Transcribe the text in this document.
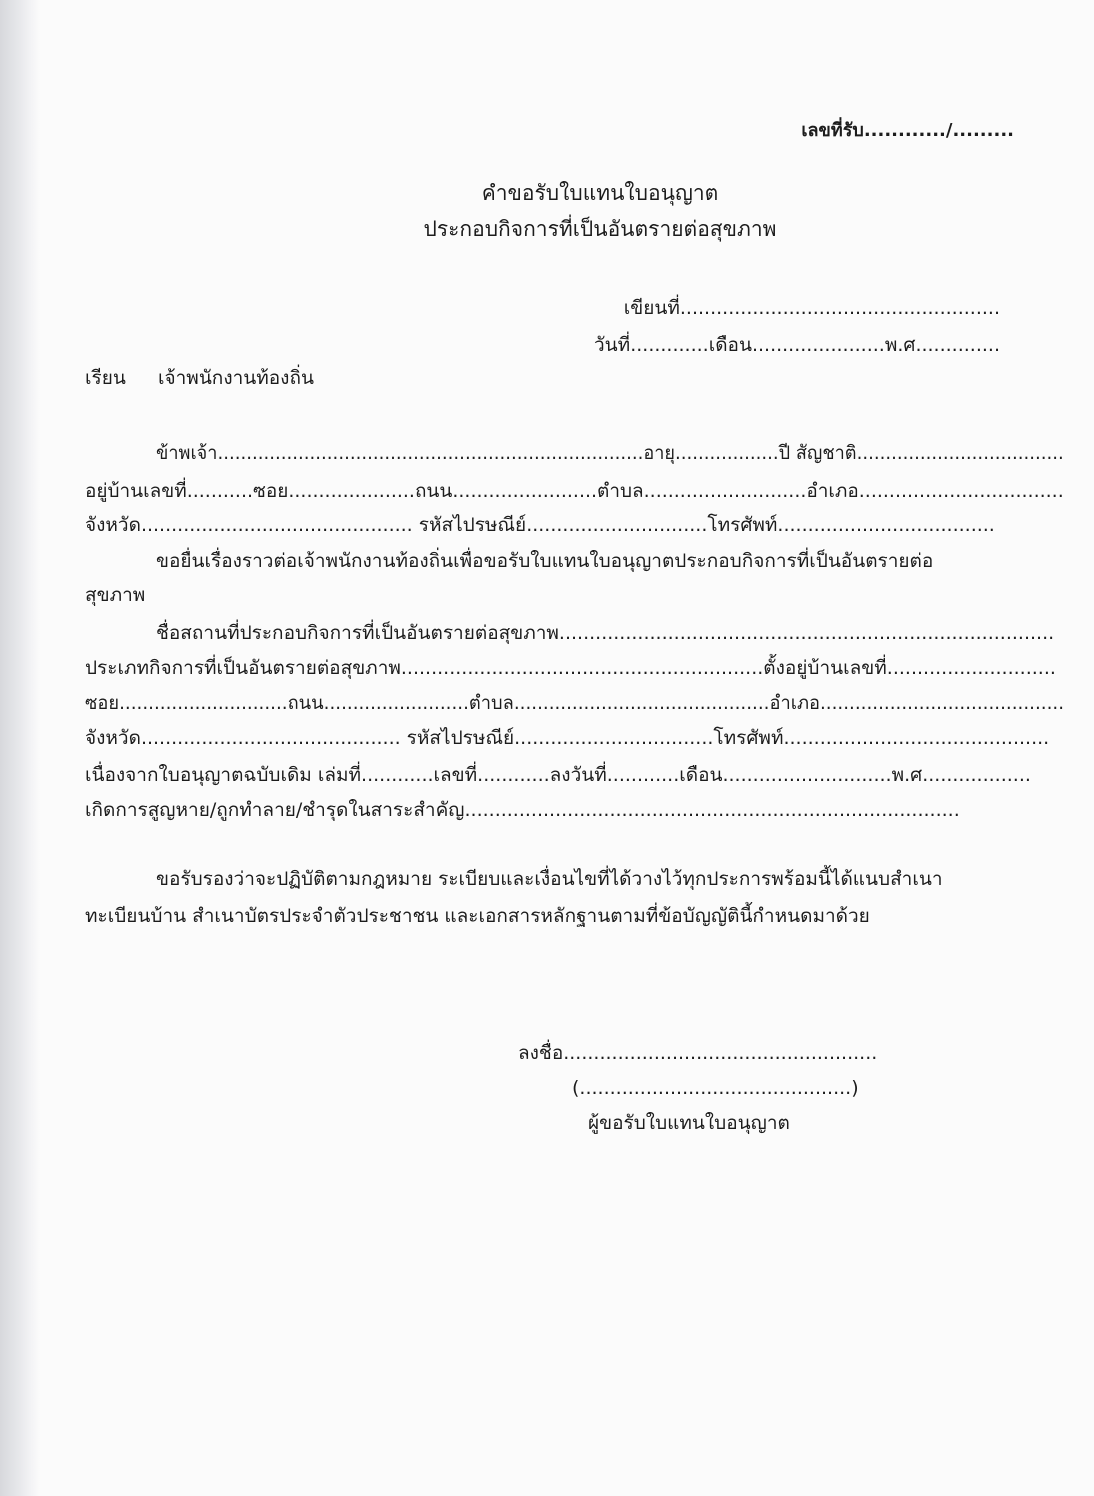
เลขที่รับ............/.........
คำขอรับใบแทนใบอนุญาต
ประกอบกิจการที่เป็นอันตรายต่อสุขภาพ
เขียนที่.....................................................
วันที่.............เดือน......................พ.ศ..............
เรียน เจ้าพนักงานท้องถิ่น
ข้าพเจ้า..........................................................................อายุ..................ปี สัญชาติ....................................
อยู่บ้านเลขที่...........ซอย.....................ถนน........................ตำบล...........................อำเภอ..................................
จังหวัด............................................. รหัสไปรษณีย์..............................โทรศัพท์....................................
ขอยื่นเรื่องราวต่อเจ้าพนักงานท้องถิ่นเพื่อขอรับใบแทนใบอนุญาตประกอบกิจการที่เป็นอันตรายต่อ
สุขภาพ
ชื่อสถานที่ประกอบกิจการที่เป็นอันตรายต่อสุขภาพ..................................................................................
ประเภทกิจการที่เป็นอันตรายต่อสุขภาพ............................................................ตั้งอยู่บ้านเลขที่............................
ซอย.............................ถนน.........................ตำบล............................................อำเภอ..........................................
จังหวัด........................................... รหัสไปรษณีย์.................................โทรศัพท์............................................
เนื่องจากใบอนุญาตฉบับเดิม เล่มที่............เลขที่............ลงวันที่............เดือน............................พ.ศ..................
เกิดการสูญหาย/ถูกทำลาย/ชำรุดในสาระสำคัญ..................................................................................
ขอรับรองว่าจะปฏิบัติตามกฎหมาย ระเบียบและเงื่อนไขที่ได้วางไว้ทุกประการพร้อมนี้ได้แนบสำเนา
ทะเบียนบ้าน สำเนาบัตรประจำตัวประชาชน และเอกสารหลักฐานตามที่ข้อบัญญัตินี้กำหนดมาด้วย
ลงชื่อ....................................................
(.............................................)
ผู้ขอรับใบแทนใบอนุญาต
